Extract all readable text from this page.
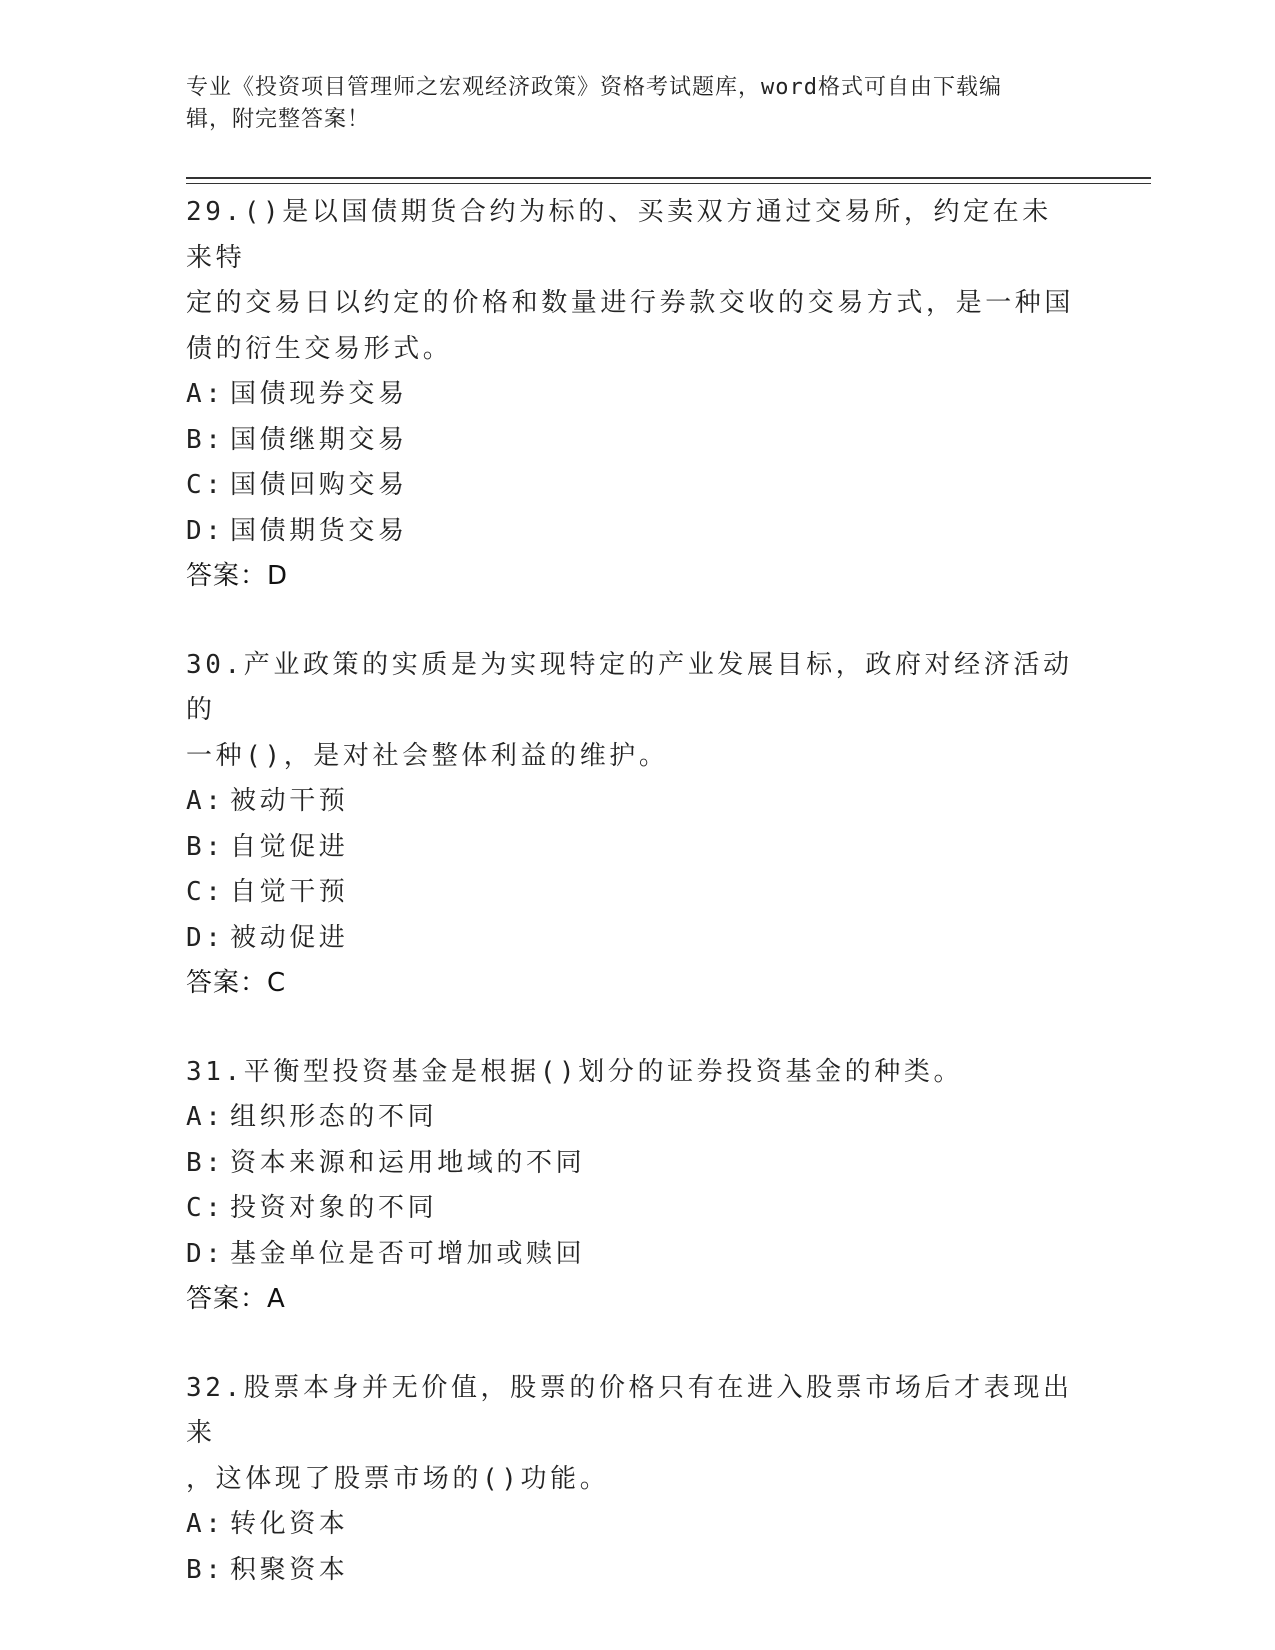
专业《投资项目管理师之宏观经济政策》资格考试题库，word格式可自由下载编
辑，附完整答案！
29.()是以国债期货合约为标的、买卖双方通过交易所，约定在未来特
定的交易日以约定的价格和数量进行券款交收的交易方式，是一种国
债的衍生交易形式。
A: 国债现券交易
B: 国债继期交易
C: 国债回购交易
D: 国债期货交易
答案：D
30.产业政策的实质是为实现特定的产业发展目标，政府对经济活动的
一种()，是对社会整体利益的维护。
A: 被动干预
B: 自觉促进
C: 自觉干预
D: 被动促进
答案：C
31.平衡型投资基金是根据()划分的证券投资基金的种类。
A: 组织形态的不同
B: 资本来源和运用地域的不同
C: 投资对象的不同
D: 基金单位是否可增加或赎回
答案：A
32.股票本身并无价值，股票的价格只有在进入股票市场后才表现出来
，这体现了股票市场的()功能。
A: 转化资本
B: 积聚资本
